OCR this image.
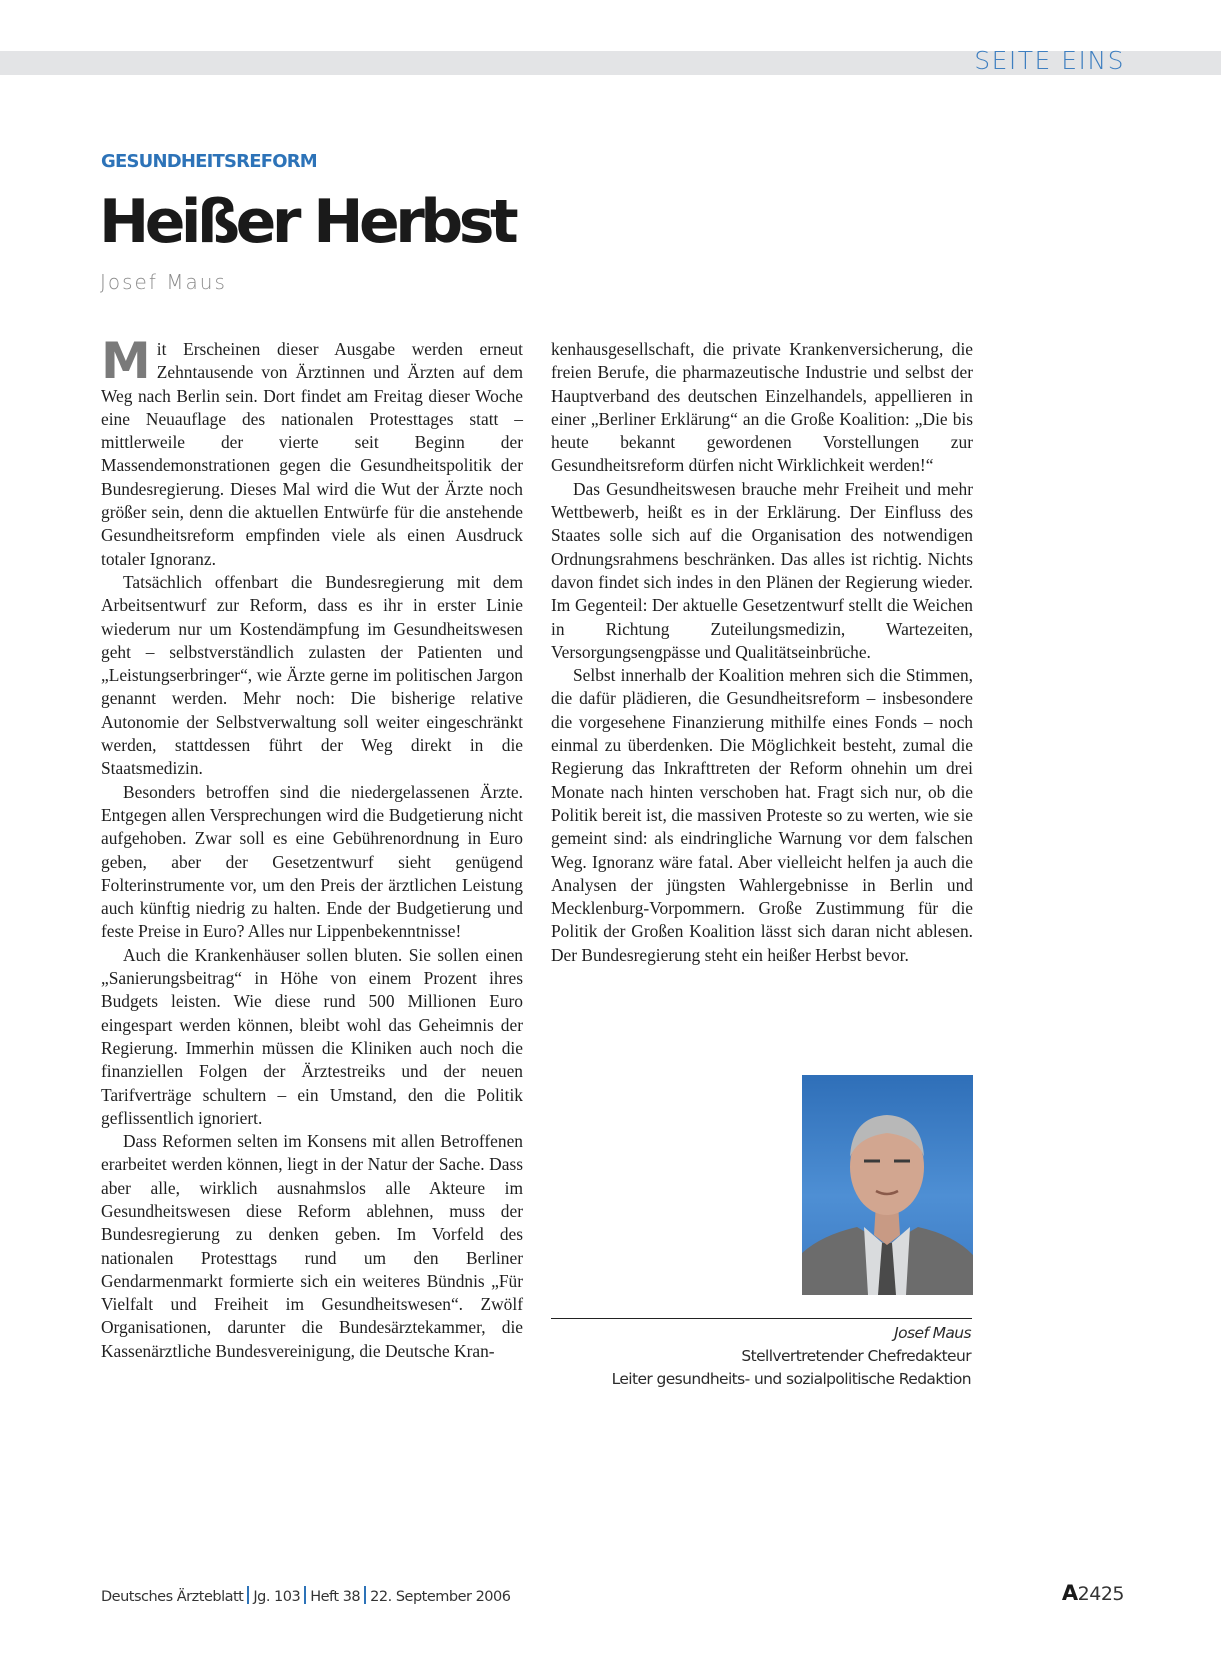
SEITE EINS
GESUNDHEITSREFORM
Heißer Herbst
Josef Maus

Mit Erscheinen dieser Ausgabe werden erneut Zehntausende von Ärztinnen und Ärzten auf dem Weg nach Berlin sein. Dort findet am Freitag dieser Woche eine Neuauflage des nationalen Protesttages statt – mittlerweile der vierte seit Beginn der Massendemonstrationen gegen die Gesundheitspolitik der Bundesregierung. Dieses Mal wird die Wut der Ärzte noch größer sein, denn die aktuellen Entwürfe für die anstehende Gesundheitsreform empfinden viele als einen Ausdruck totaler Ignoranz.

Tatsächlich offenbart die Bundesregierung mit dem Arbeitsentwurf zur Reform, dass es ihr in erster Linie wiederum nur um Kostendämpfung im Gesundheitswesen geht – selbstverständlich zulasten der Patienten und „Leistungserbringer“, wie Ärzte gerne im politischen Jargon genannt werden. Mehr noch: Die bisherige relative Autonomie der Selbstverwaltung soll weiter eingeschränkt werden, stattdessen führt der Weg direkt in die Staatsmedizin.

Besonders betroffen sind die niedergelassenen Ärzte. Entgegen allen Versprechungen wird die Budgetierung nicht aufgehoben. Zwar soll es eine Gebührenordnung in Euro geben, aber der Gesetzentwurf sieht genügend Folterinstrumente vor, um den Preis der ärztlichen Leistung auch künftig niedrig zu halten. Ende der Budgetierung und feste Preise in Euro? Alles nur Lippenbekenntnisse!

Auch die Krankenhäuser sollen bluten. Sie sollen einen „Sanierungsbeitrag“ in Höhe von einem Prozent ihres Budgets leisten. Wie diese rund 500 Millionen Euro eingespart werden können, bleibt wohl das Geheimnis der Regierung. Immerhin müssen die Kliniken auch noch die finanziellen Folgen der Ärztestreiks und der neuen Tarifverträge schultern – ein Umstand, den die Politik geflissentlich ignoriert.

Dass Reformen selten im Konsens mit allen Betroffenen erarbeitet werden können, liegt in der Natur der Sache. Dass aber alle, wirklich ausnahmslos alle Akteure im Gesundheitswesen diese Reform ablehnen, muss der Bundesregierung zu denken geben. Im Vorfeld des nationalen Protesttags rund um den Berliner Gendarmenmarkt formierte sich ein weiteres Bündnis „Für Vielfalt und Freiheit im Gesundheitswesen“. Zwölf Organisationen, darunter die Bundesärztekammer, die Kassenärztliche Bundesvereinigung, die Deutsche Kran-

kenhausgesellschaft, die private Krankenversicherung, die freien Berufe, die pharmazeutische Industrie und selbst der Hauptverband des deutschen Einzelhandels, appellieren in einer „Berliner Erklärung“ an die Große Koalition: „Die bis heute bekannt gewordenen Vorstellungen zur Gesundheitsreform dürfen nicht Wirklichkeit werden!“

Das Gesundheitswesen brauche mehr Freiheit und mehr Wettbewerb, heißt es in der Erklärung. Der Einfluss des Staates solle sich auf die Organisation des notwendigen Ordnungsrahmens beschränken. Das alles ist richtig. Nichts davon findet sich indes in den Plänen der Regierung wieder. Im Gegenteil: Der aktuelle Gesetzentwurf stellt die Weichen in Richtung Zuteilungsmedizin, Wartezeiten, Versorgungsengpässe und Qualitätseinbrüche.

Selbst innerhalb der Koalition mehren sich die Stimmen, die dafür plädieren, die Gesundheitsreform – insbesondere die vorgesehene Finanzierung mithilfe eines Fonds – noch einmal zu überdenken. Die Möglichkeit besteht, zumal die Regierung das Inkrafttreten der Reform ohnehin um drei Monate nach hinten verschoben hat. Fragt sich nur, ob die Politik bereit ist, die massiven Proteste so zu werten, wie sie gemeint sind: als eindringliche Warnung vor dem falschen Weg. Ignoranz wäre fatal. Aber vielleicht helfen ja auch die Analysen der jüngsten Wahlergebnisse in Berlin und Mecklenburg-Vorpommern. Große Zustimmung für die Politik der Großen Koalition lässt sich daran nicht ablesen. Der Bundesregierung steht ein heißer Herbst bevor.

Josef Maus
Stellvertretender Chefredakteur
Leiter gesundheits- und sozialpolitische Redaktion
Deutsches Ärzteblatt Jg. 103 Heft 38 22. September 2006	A2425
